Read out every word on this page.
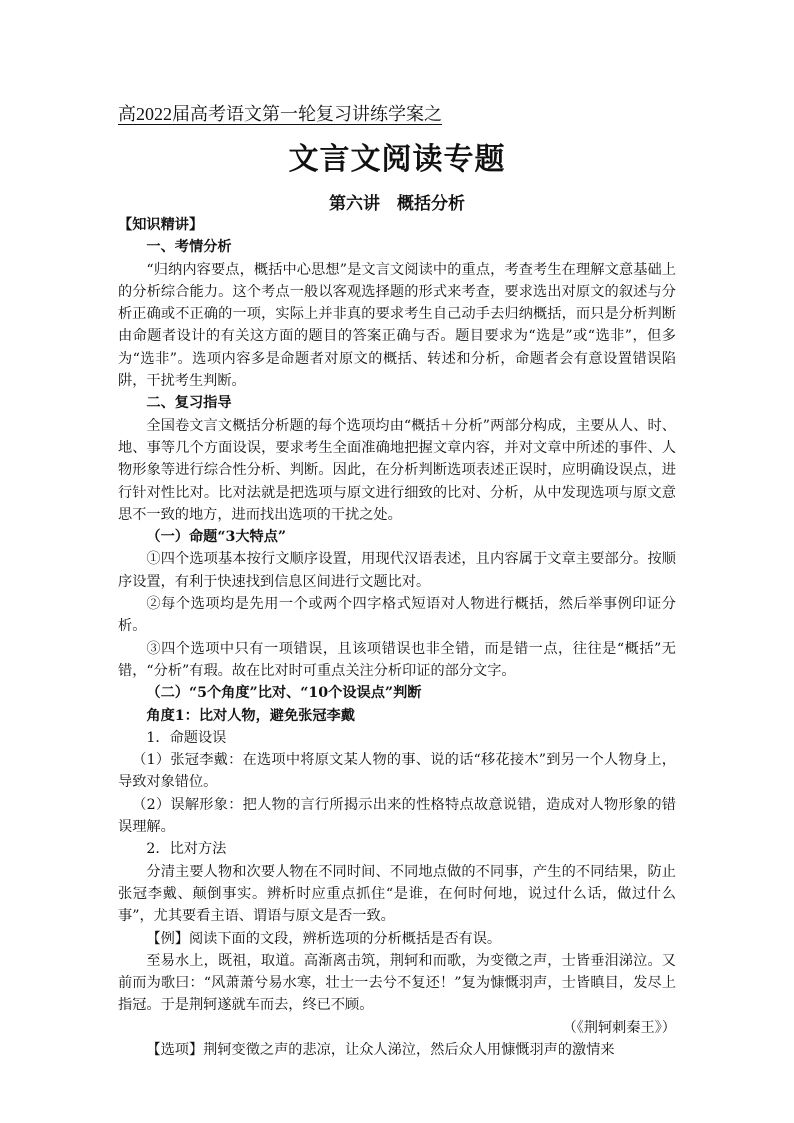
高2022届高考语文第一轮复习讲练学案之
文言文阅读专题
第六讲　概括分析

【知识精讲】

一、考情分析

“归纳内容要点，概括中心思想”是文言文阅读中的重点，考查考生在理解文意基础上的分析综合能力。这个考点一般以客观选择题的形式来考查，要求选出对原文的叙述与分析正确或不正确的一项，实际上并非真的要求考生自己动手去归纳概括，而只是分析判断由命题者设计的有关这方面的题目的答案正确与否。题目要求为“选是”或“选非”，但多为“选非”。选项内容多是命题者对原文的概括、转述和分析，命题者会有意设置错误陷阱，干扰考生判断。

二、复习指导

全国卷文言文概括分析题的每个选项均由“概括＋分析”两部分构成，主要从人、时、地、事等几个方面设误，要求考生全面准确地把握文章内容，并对文章中所述的事件、人物形象等进行综合性分析、判断。因此，在分析判断选项表述正误时，应明确设误点，进行针对性比对。比对法就是把选项与原文进行细致的比对、分析，从中发现选项与原文意思不一致的地方，进而找出选项的干扰之处。

（一）命题“3大特点”

①四个选项基本按行文顺序设置，用现代汉语表述，且内容属于文章主要部分。按顺序设置，有利于快速找到信息区间进行文题比对。

②每个选项均是先用一个或两个四字格式短语对人物进行概括，然后举事例印证分析。

③四个选项中只有一项错误，且该项错误也非全错，而是错一点，往往是“概括”无错，“分析”有瑕。故在比对时可重点关注分析印证的部分文字。

（二）“5个角度”比对、“10个设误点”判断

角度1：比对人物，避免张冠李戴

1．命题设误

（1）张冠李戴：在选项中将原文某人物的事、说的话“移花接木”到另一个人物身上，导致对象错位。

（2）误解形象：把人物的言行所揭示出来的性格特点故意说错，造成对人物形象的错误理解。

2．比对方法

分清主要人物和次要人物在不同时间、不同地点做的不同事，产生的不同结果，防止张冠李戴、颠倒事实。辨析时应重点抓住“是谁，在何时何地，说过什么话，做过什么事”，尤其要看主语、谓语与原文是否一致。

【例】阅读下面的文段，辨析选项的分析概括是否有误。

至易水上，既祖，取道。高渐离击筑，荆轲和而歌，为变徵之声，士皆垂泪涕泣。又前而为歌曰：“风萧萧兮易水寒，壮士一去兮不复还！”复为慷慨羽声，士皆瞋目，发尽上指冠。于是荆轲遂就车而去，终已不顾。

（《荆轲刺秦王》）

【选项】荆轲变徵之声的悲凉，让众人涕泣，然后众人用慷慨羽声的激情来
